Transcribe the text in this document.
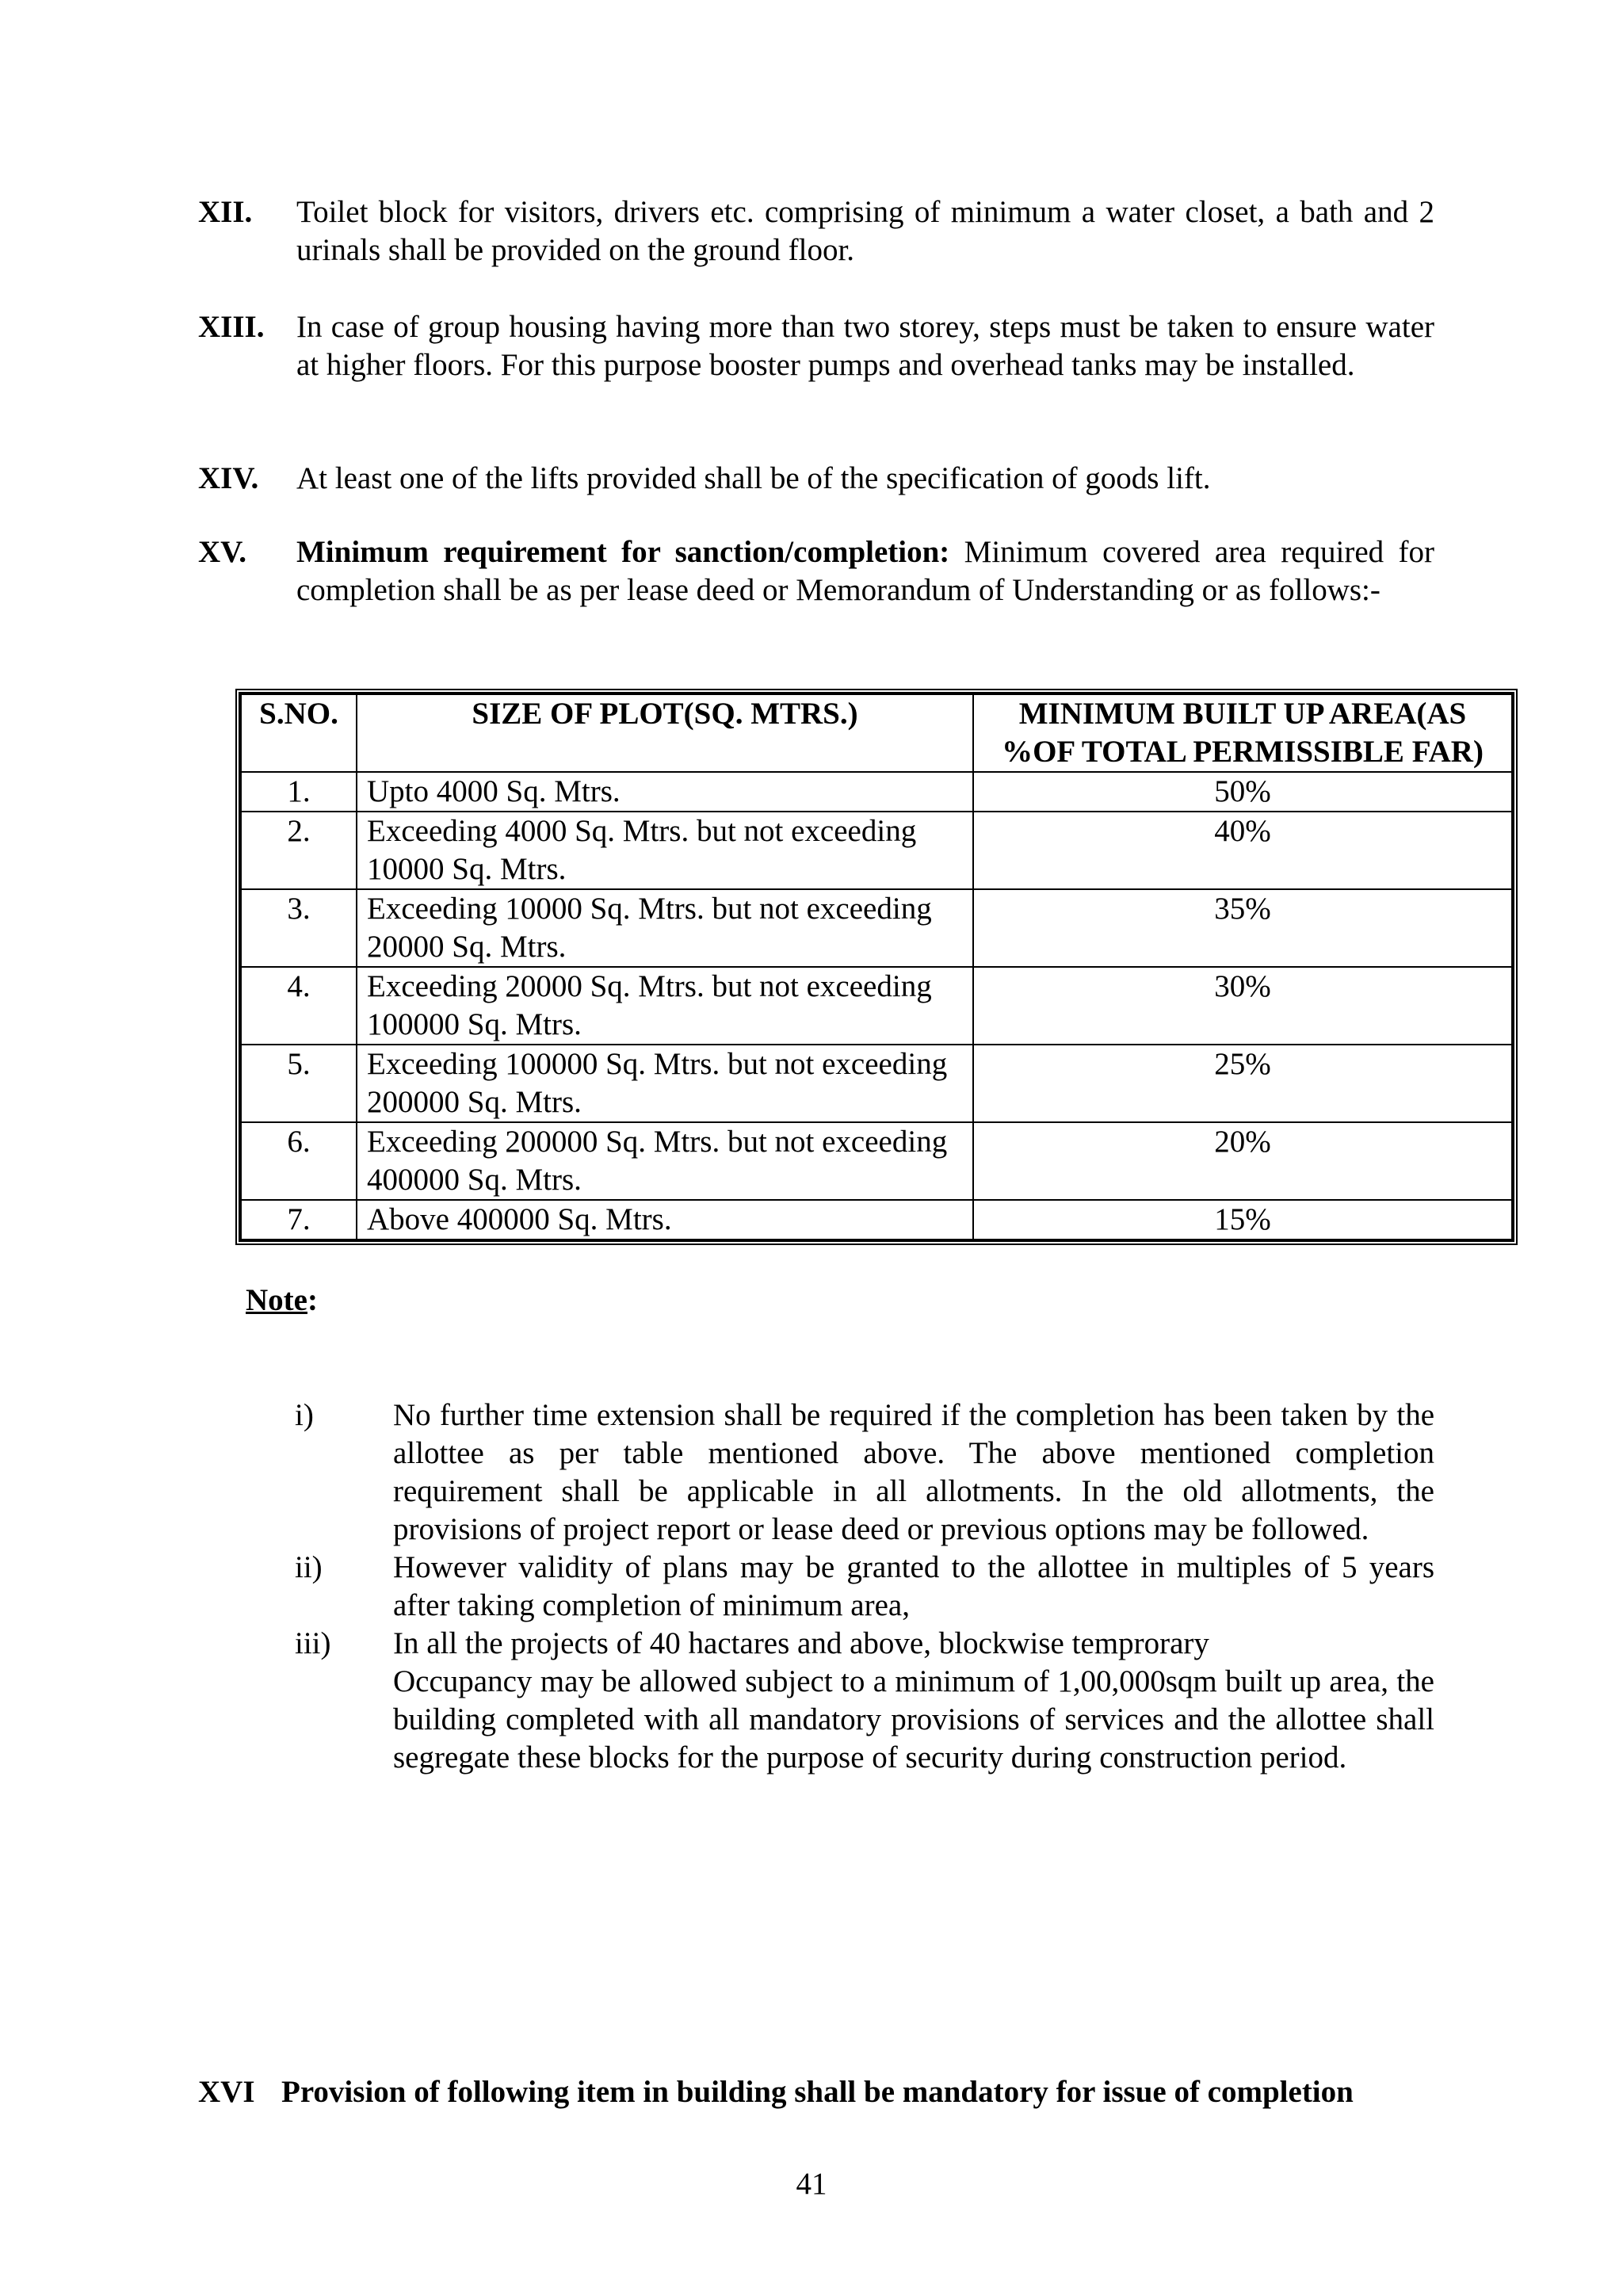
XII. Toilet block for visitors, drivers etc. comprising of minimum a water closet, a bath and 2 urinals shall be provided on the ground floor.
XIII. In case of group housing having more than two storey, steps must be taken to ensure water at higher floors. For this purpose booster pumps and overhead tanks may be installed.
XIV. At least one of the lifts provided shall be of the specification of goods lift.
XV. Minimum requirement for sanction/completion: Minimum covered area required for completion shall be as per lease deed or Memorandum of Understanding or as follows:-
S.NO.	SIZE OF PLOT(SQ. MTRS.)	MINIMUM BUILT UP AREA(AS %OF TOTAL PERMISSIBLE FAR)
1.	Upto 4000 Sq. Mtrs.	50%
2.	Exceeding 4000 Sq. Mtrs. but not exceeding 10000 Sq. Mtrs.	40%
3.	Exceeding 10000 Sq. Mtrs. but not exceeding 20000 Sq. Mtrs.	35%
4.	Exceeding 20000 Sq. Mtrs. but not exceeding 100000 Sq. Mtrs.	30%
5.	Exceeding 100000 Sq. Mtrs. but not exceeding 200000 Sq. Mtrs.	25%
6.	Exceeding 200000 Sq. Mtrs. but not exceeding 400000 Sq. Mtrs.	20%
7.	Above 400000 Sq. Mtrs.	15%
Note:
i)	No further time extension shall be required if the completion has been taken by the allottee as per table mentioned above. The above mentioned completion requirement shall be applicable in all allotments. In the old allotments, the provisions of project report or lease deed or previous options may be followed.
ii) However validity of plans may be granted to the allottee in multiples of 5 years after taking completion of minimum area,
iii) In all the projects of 40 hactares and above, blockwise temprorary
Occupancy may be allowed subject to a minimum of 1,00,000sqm built up area, the building completed with all mandatory provisions of services and the allottee shall segregate these blocks for the purpose of security during construction period.
XVI Provision of following item in building shall be mandatory for issue of completion
41
